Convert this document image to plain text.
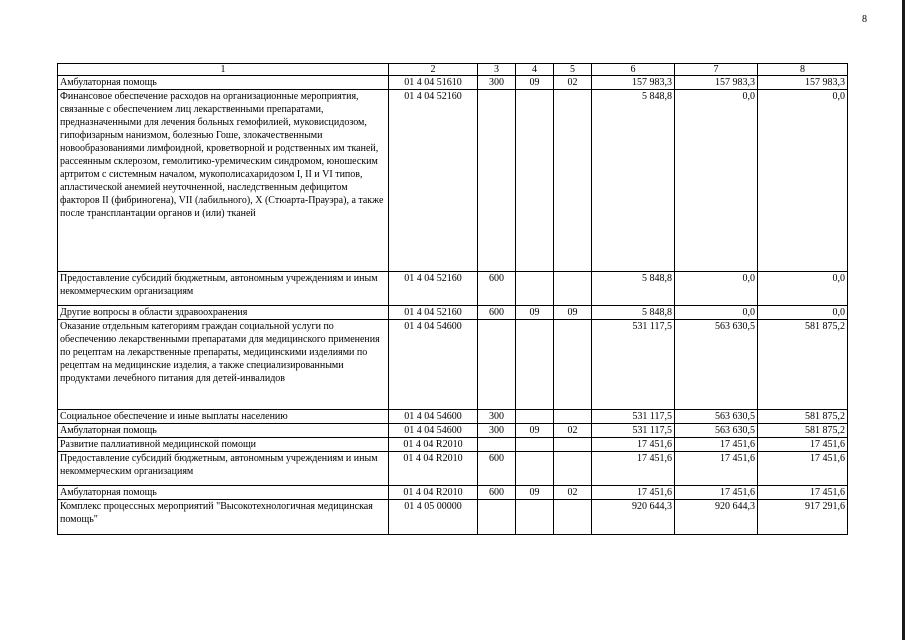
8
1	2	3	4	5	6	7	8
Амбулаторная помощь	01 4 04 51610	300	09	02	157 983,3	157 983,3	157 983,3
Финансовое обеспечение расходов на организационные мероприятия, связанные с обеспечением лиц лекарственными препаратами, предназначенными для лечения больных гемофилией, муковисцидозом, гипофизарным нанизмом, болезнью Гоше, злокачественными новообразованиями лимфоидной, кроветворной и родственных им тканей, рассеянным склерозом, гемолитико-уремическим синдромом, юношеским артритом с системным началом, мукополисахаридозом I, II и VI типов, апластической анемией неуточненной, наследственным дефицитом факторов II (фибриногена), VII (лабильного), X (Стюарта-Прауэра), а также после трансплантации органов и (или) тканей	01 4 04 52160				5 848,8	0,0	0,0
Предоставление субсидий бюджетным, автономным учреждениям и иным некоммерческим организациям	01 4 04 52160	600			5 848,8	0,0	0,0
Другие вопросы в области здравоохранения	01 4 04 52160	600	09	09	5 848,8	0,0	0,0
Оказание отдельным категориям граждан социальной услуги по обеспечению лекарственными препаратами для медицинского применения по рецептам на лекарственные препараты, медицинскими изделиями по рецептам на медицинские изделия, а также специализированными продуктами лечебного питания для детей-инвалидов	01 4 04 54600				531 117,5	563 630,5	581 875,2
Социальное обеспечение и иные выплаты населению	01 4 04 54600	300			531 117,5	563 630,5	581 875,2
Амбулаторная помощь	01 4 04 54600	300	09	02	531 117,5	563 630,5	581 875,2
Развитие паллиативной медицинской помощи	01 4 04 R2010				17 451,6	17 451,6	17 451,6
Предоставление субсидий бюджетным, автономным учреждениям и иным некоммерческим организациям	01 4 04 R2010	600			17 451,6	17 451,6	17 451,6
Амбулаторная помощь	01 4 04 R2010	600	09	02	17 451,6	17 451,6	17 451,6
Комплекс процессных мероприятий "Высокотехнологичная медицинская помощь"	01 4 05 00000				920 644,3	920 644,3	917 291,6
